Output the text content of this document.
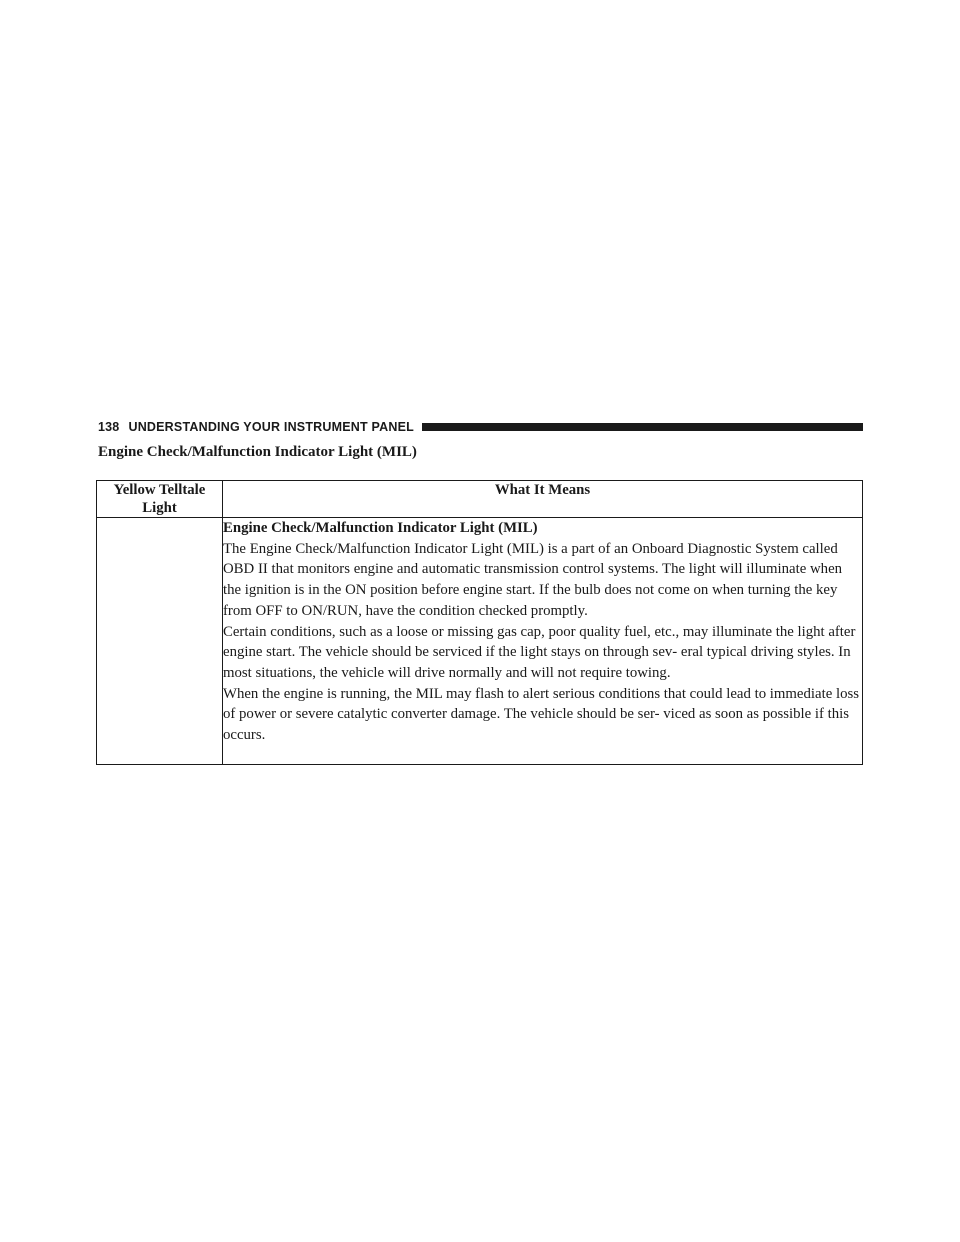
138 UNDERSTANDING YOUR INSTRUMENT PANEL
Engine Check/Malfunction Indicator Light (MIL)
Yellow Telltale
Light	What It Means

	Engine Check/Malfunction Indicator Light (MIL)
The Engine Check/Malfunction Indicator Light (MIL) is a part of an Onboard Diagnostic System called OBD II that monitors engine and automatic transmission control systems. The light will illuminate when the ignition is in the ON position before engine start. If the bulb does not come on when turning the key from OFF to ON/RUN, have the condition checked promptly.
Certain conditions, such as a loose or missing gas cap, poor quality fuel, etc., may illuminate the light after engine start. The vehicle should be serviced if the light stays on through sev- eral typical driving styles. In most situations, the vehicle will drive normally and will not require towing.
When the engine is running, the MIL may flash to alert serious conditions that could lead to immediate loss of power or severe catalytic converter damage. The vehicle should be ser- viced as soon as possible if this occurs.
